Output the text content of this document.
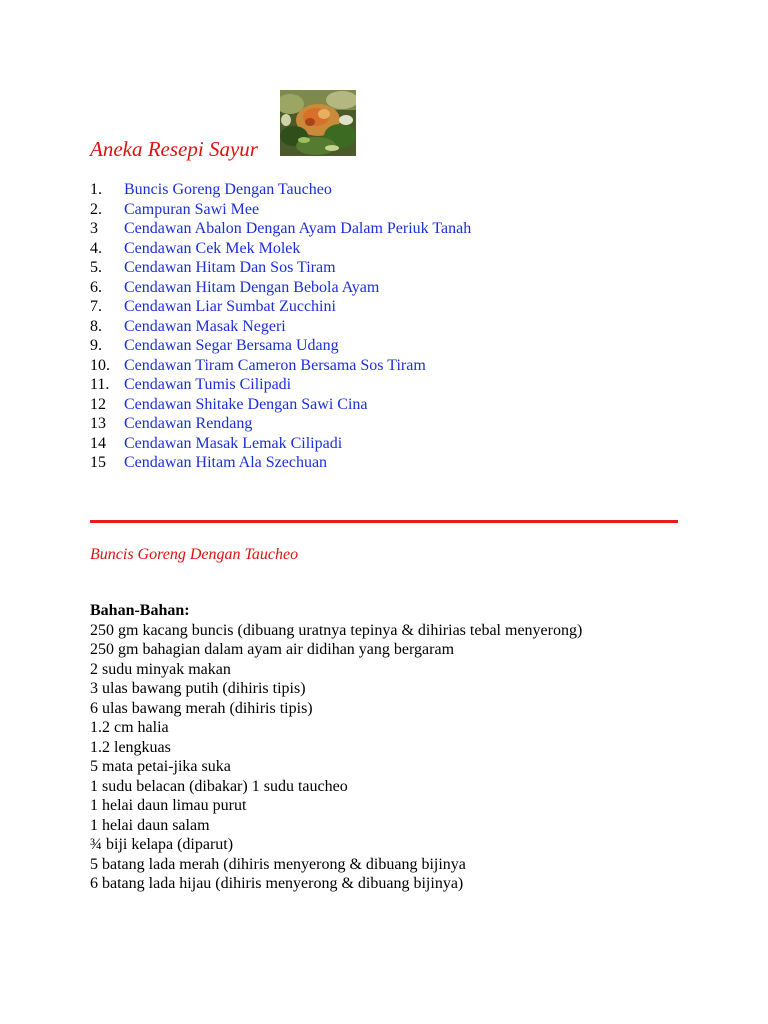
Aneka Resepi Sayur
1. Buncis Goreng Dengan Taucheo
2. Campuran Sawi Mee
3 Cendawan Abalon Dengan Ayam Dalam Periuk Tanah
4. Cendawan Cek Mek Molek
5. Cendawan Hitam Dan Sos Tiram
6. Cendawan Hitam Dengan Bebola Ayam
7. Cendawan Liar Sumbat Zucchini
8. Cendawan Masak Negeri
9. Cendawan Segar Bersama Udang
10. Cendawan Tiram Cameron Bersama Sos Tiram
11. Cendawan Tumis Cilipadi
12 Cendawan Shitake Dengan Sawi Cina
13 Cendawan Rendang
14 Cendawan Masak Lemak Cilipadi
15 Cendawan Hitam Ala Szechuan
Buncis Goreng Dengan Taucheo
Bahan-Bahan:
250 gm kacang buncis (dibuang uratnya tepinya & dihirias tebal menyerong)
250 gm bahagian dalam ayam air didihan yang bergaram
2 sudu minyak makan
3 ulas bawang putih (dihiris tipis)
6 ulas bawang merah (dihiris tipis)
1.2 cm halia
1.2 lengkuas
5 mata petai-jika suka
1 sudu belacan (dibakar) 1 sudu taucheo
1 helai daun limau purut
1 helai daun salam
¾ biji kelapa (diparut)
5 batang lada merah (dihiris menyerong & dibuang bijinya
6 batang lada hijau (dihiris menyerong & dibuang bijinya)
